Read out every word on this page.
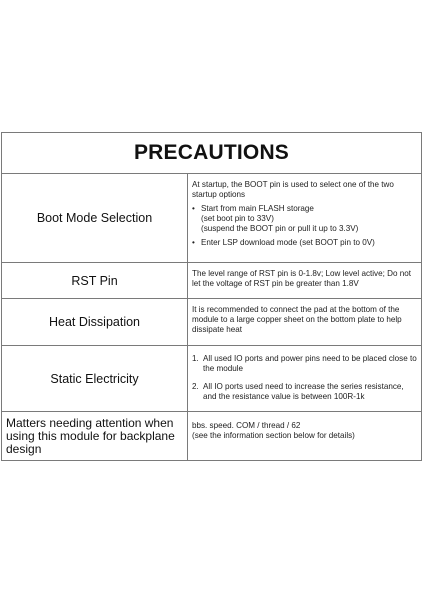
PRECAUTIONS
Boot Mode Selection

At startup, the BOOT pin is used to select one of the two startup options

• Start from main FLASH storage

(set boot pin to 33V)

(suspend the BOOT pin or pull it up to 3.3V)

• Enter LSP download mode (set BOOT pin to 0V)

RST Pin	The level range of RST pin is 0-1.8v; Low level active; Do not let the voltage of RST pin be greater than 1.8V

Heat Dissipation

It is recommended to connect the pad at the bottom of the module to a large copper sheet on the bottom plate to help dissipate heat

Static Electricity
1. All used IO ports and power pins need to be placed close to the module

2. All IO ports used need to increase the series resistance, and the resistance value is between 100R-1k

Matters needing attention when using this module for backplane design

bbs. speed. COM / thread / 62

(see the information section below for details)
